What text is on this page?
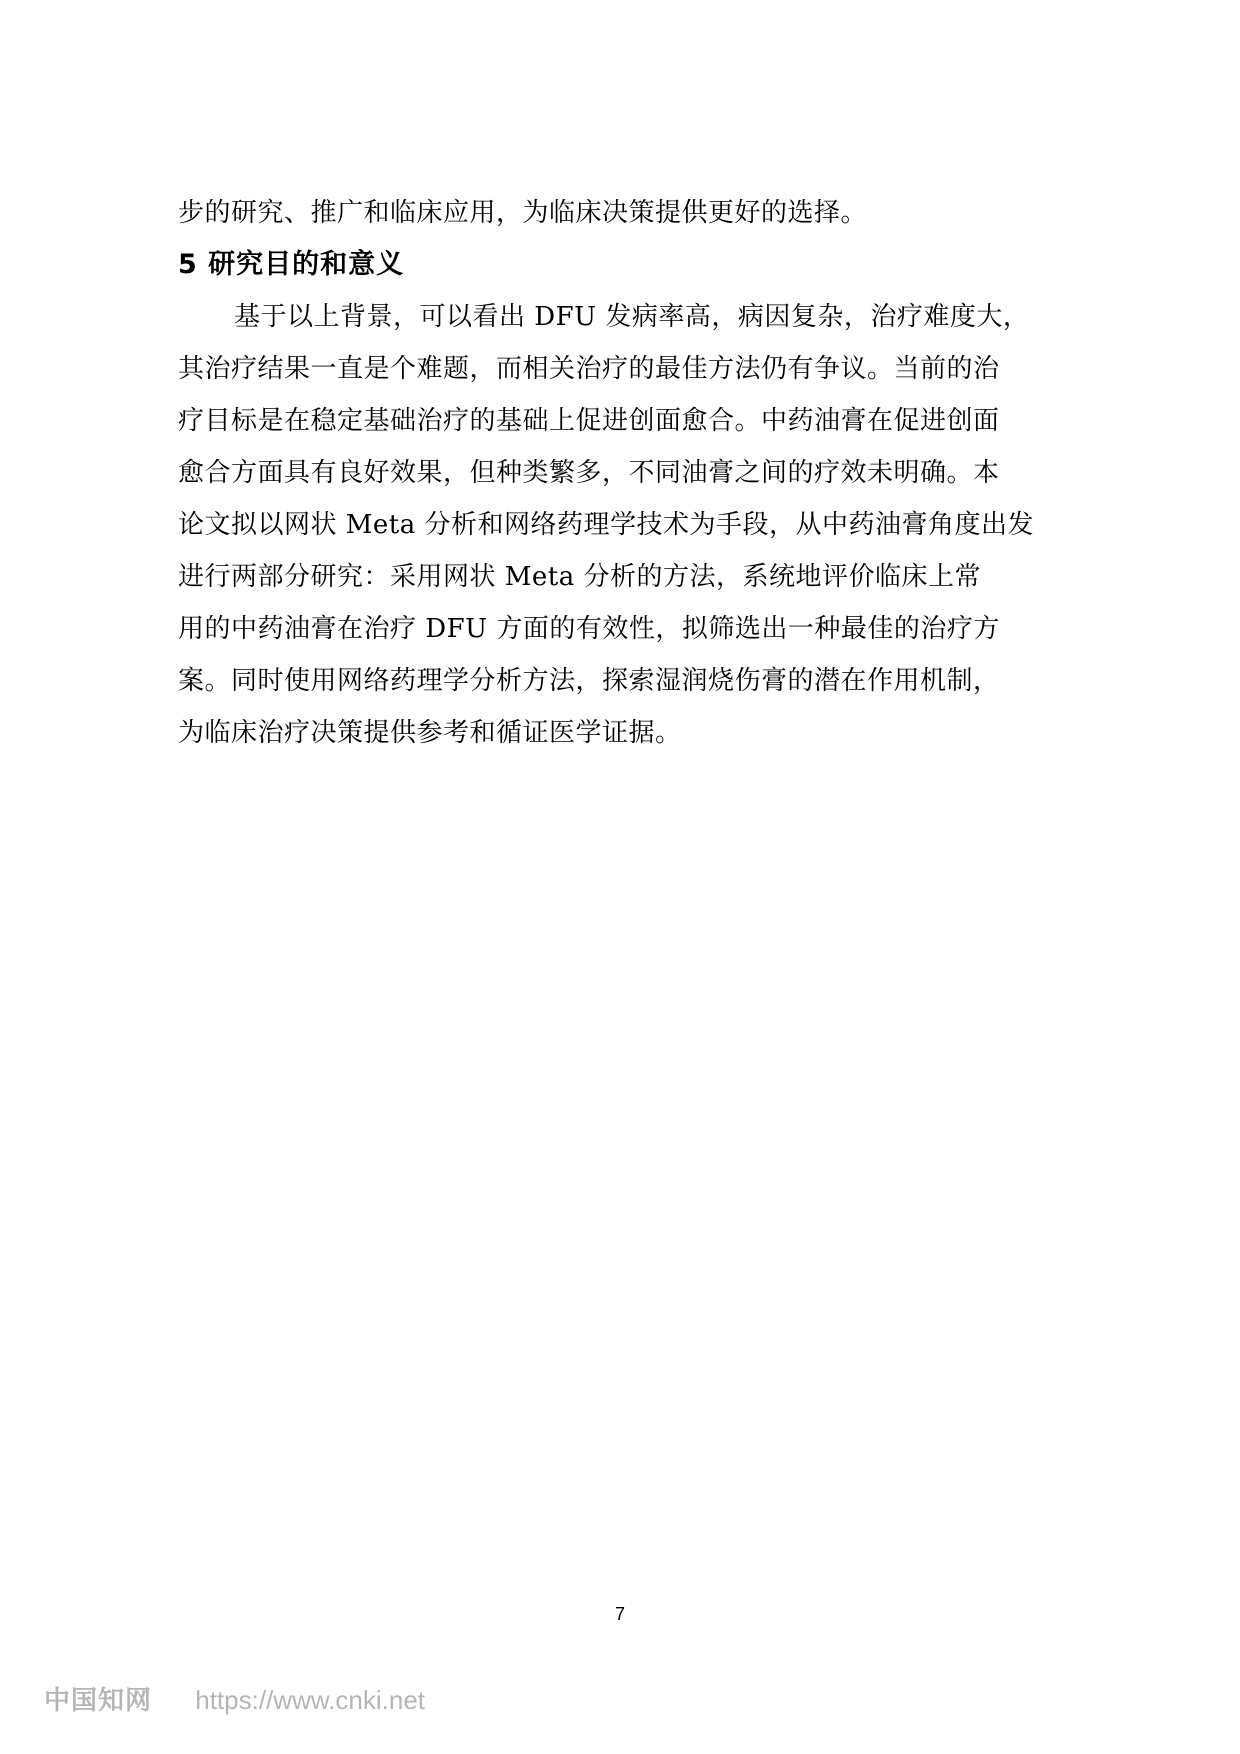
步的研究、推广和临床应用，为临床决策提供更好的选择。
5 研究目的和意义
基于以上背景，可以看出 DFU 发病率高，病因复杂，治疗难度大，
其治疗结果一直是个难题，而相关治疗的最佳方法仍有争议。当前的治
疗目标是在稳定基础治疗的基础上促进创面愈合。中药油膏在促进创面
愈合方面具有良好效果，但种类繁多，不同油膏之间的疗效未明确。本
论文拟以网状 Meta 分析和网络药理学技术为手段，从中药油膏角度出发
进行两部分研究：采用网状 Meta 分析的方法，系统地评价临床上常
用的中药油膏在治疗 DFU 方面的有效性，拟筛选出一种最佳的治疗方
案。同时使用网络药理学分析方法，探索湿润烧伤膏的潜在作用机制，
为临床治疗决策提供参考和循证医学证据。
7
中国知网 https://www.cnki.net
